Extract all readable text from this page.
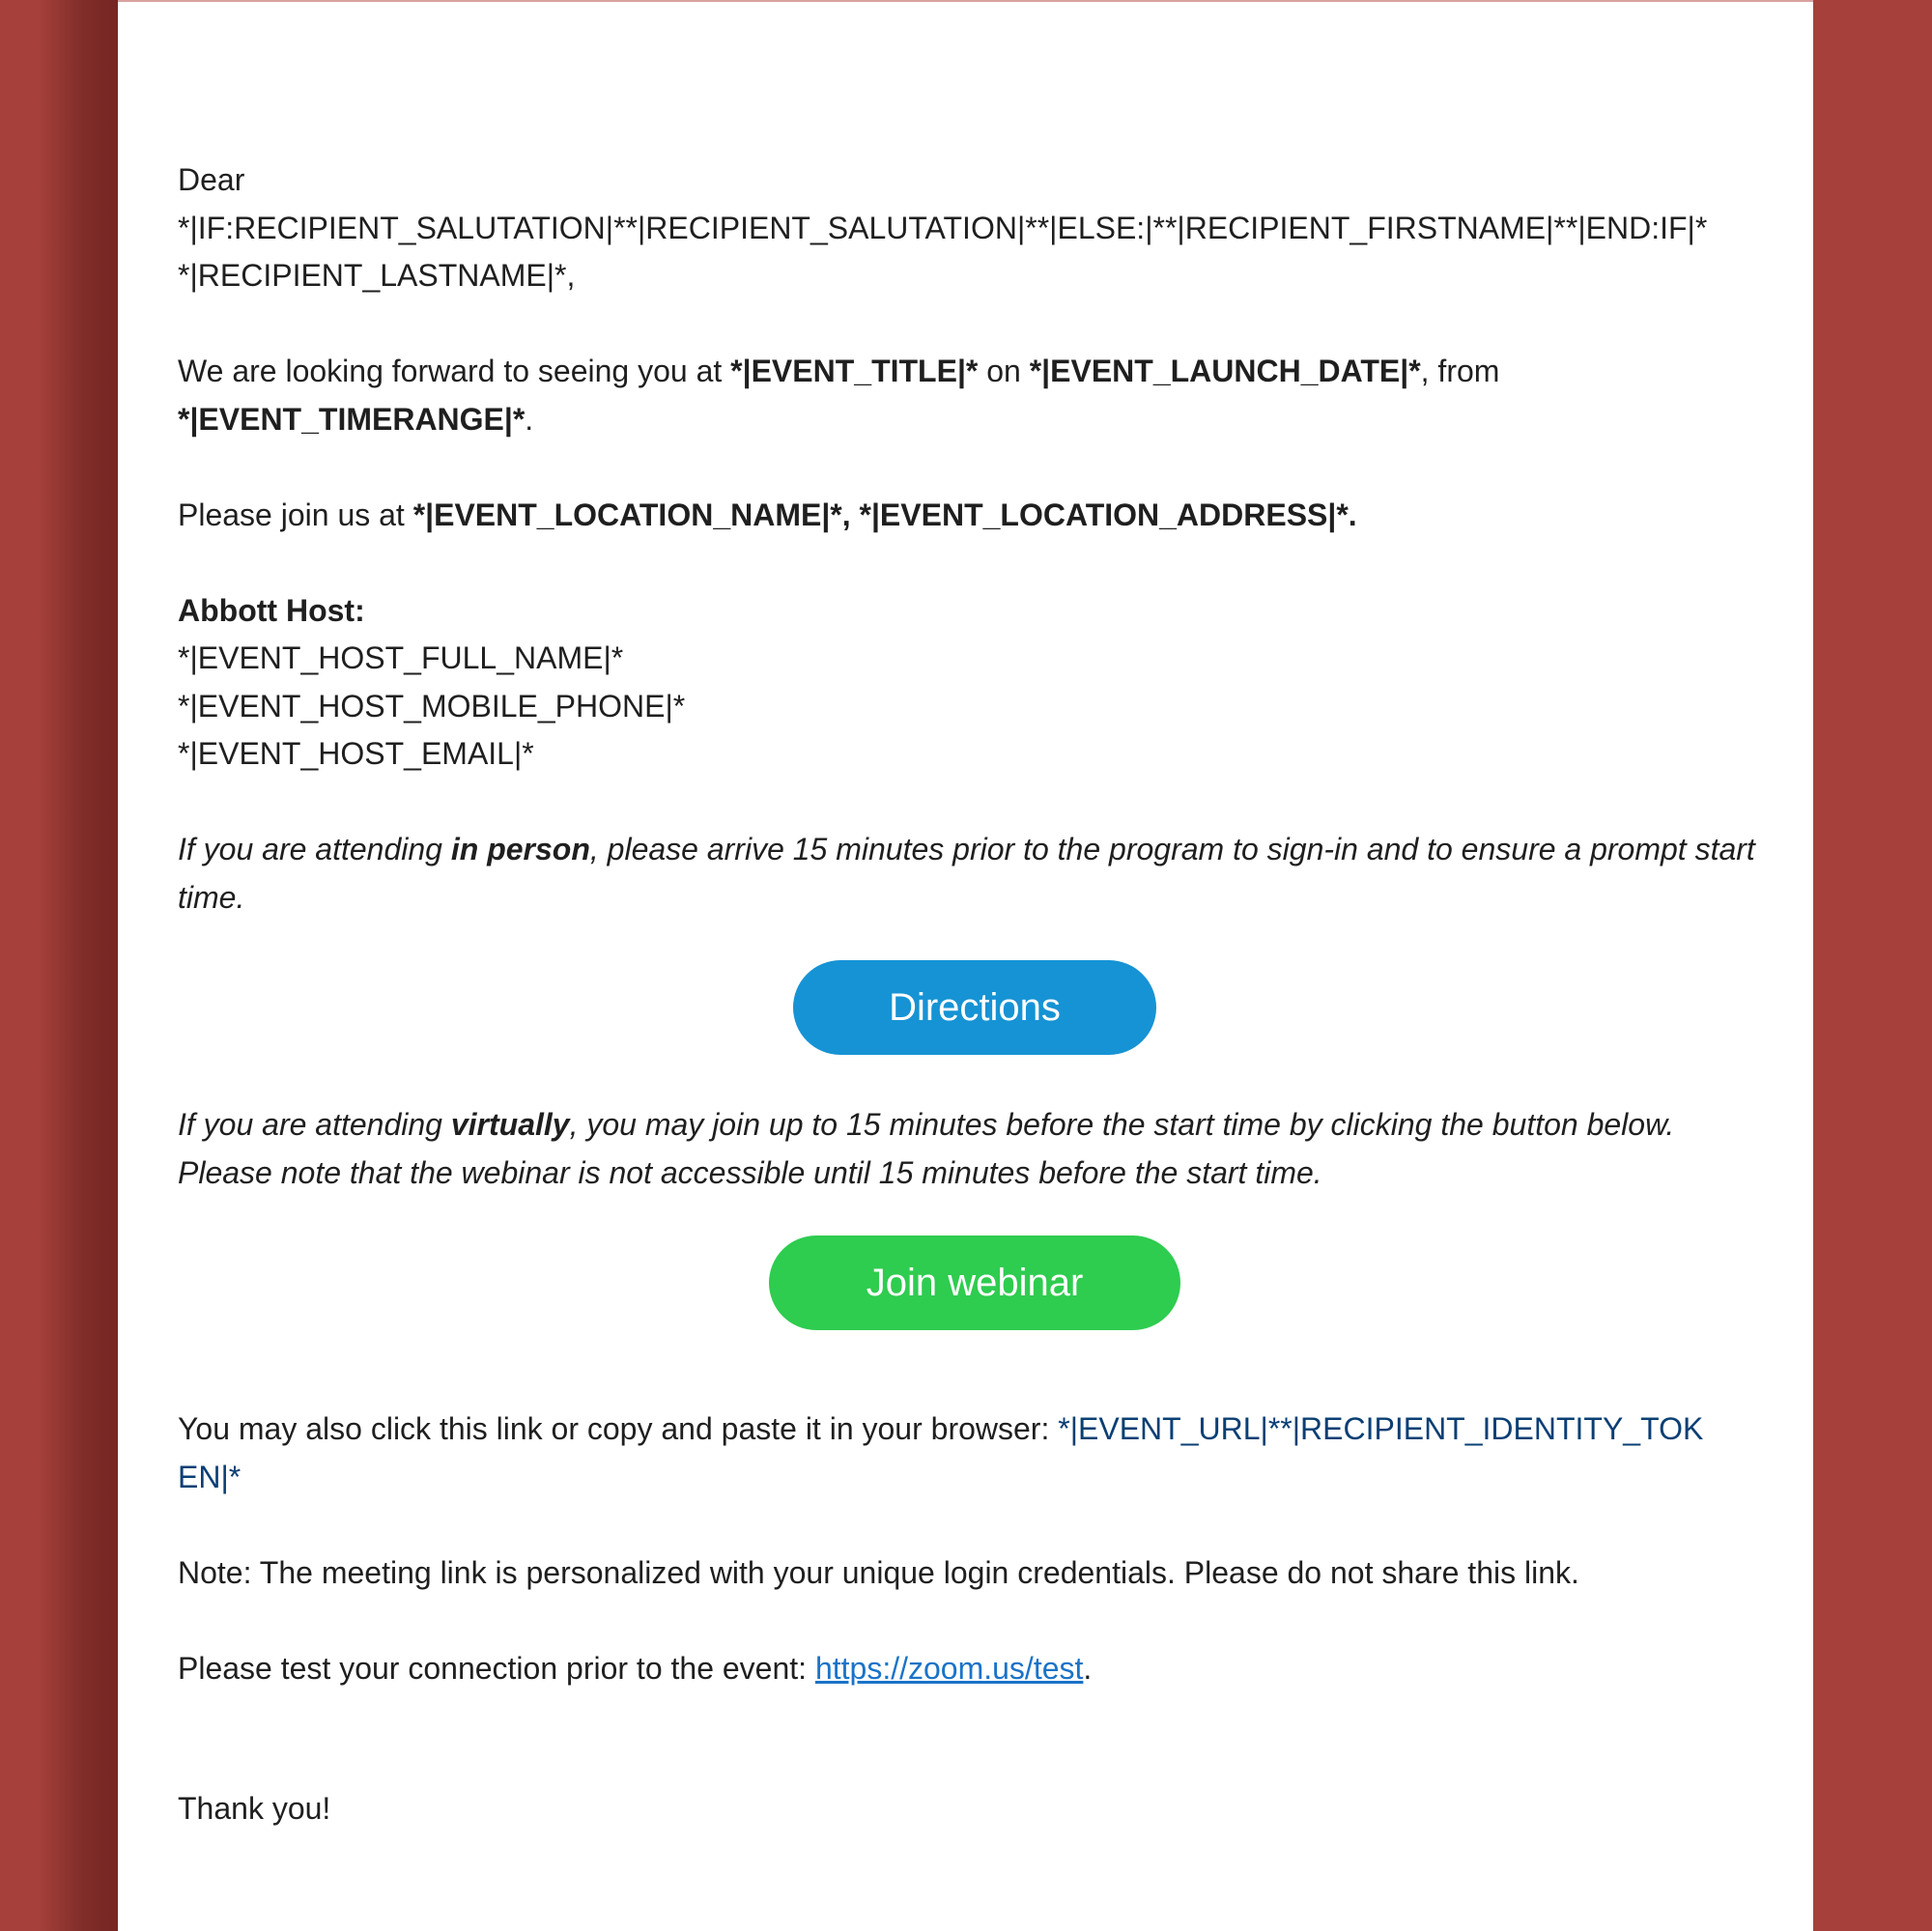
Dear

*|IF:RECIPIENT_SALUTATION|**|RECIPIENT_SALUTATION|**|ELSE:|**|RECIPIENT_FIRSTNAME|**|END:IF|*

*|RECIPIENT_LASTNAME|*,

We are looking forward to seeing you at *|EVENT_TITLE|* on *|EVENT_LAUNCH_DATE|*, from
*|EVENT_TIMERANGE|*.

Please join us at *|EVENT_LOCATION_NAME|*, *|EVENT_LOCATION_ADDRESS|*.

Abbott Host:

*|EVENT_HOST_FULL_NAME|*

*|EVENT_HOST_MOBILE_PHONE|*

*|EVENT_HOST_EMAIL|*

If you are attending in person, please arrive 15 minutes prior to the program to sign-in and to ensure a prompt start time.

Directions

If you are attending virtually, you may join up to 15 minutes before the start time by clicking the button below. Please note that the webinar is not accessible until 15 minutes before the start time.

Join webinar

You may also click this link or copy and paste it in your browser: *|EVENT_URL|**|RECIPIENT_IDENTITY_TOK
EN|*

Note: The meeting link is personalized with your unique login credentials. Please do not share this link.

Please test your connection prior to the event: https://zoom.us/test.

Thank you!
